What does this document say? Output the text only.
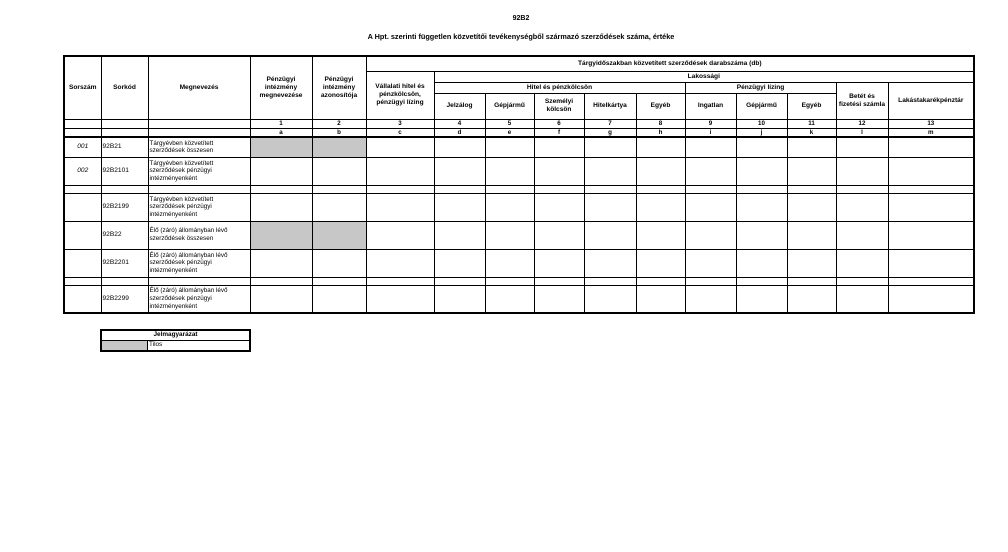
92B2
A Hpt. szerinti független közvetítői tevékenységből származó szerződések száma, értéke
Sorszám	Sorkód	Megnevezés	Pénzügyi intézmény megnevezése	Pénzügyi intézmény azonosítója	Tárgyidőszakban közvetített szerződések darabszáma (db)										
					Vállalati hitel és pénzkölcsön, pénzügyi lízing	Lakossági									
						Hitel és pénzkölcsön					Pénzügyi lízing			Betét és fizetési számla	Lakástakarékpénztár
						Jelzálog	Gépjármű	Személyi kölcsön	Hitelkártya	Egyéb	Ingatlan	Gépjármű	Egyéb		
			1	2	3	4	5	6	7	8	9	10	11	12	13
			a	b	c	d	e	f	g	h	i	j	k	l	m
001	92B21	Tárgyévben közvetített szerződések összesen													
002	92B2101	Tárgyévben közvetített szerződések pénzügyi intézményenként													

	92B2199	Tárgyévben közvetített szerződések pénzügyi intézményenként													
	92B22	Élő (záró) állományban lévő szerződések összesen													
	92B2201	Élő (záró) állományban lévő szerződések pénzügyi intézményenként													

	92B2299	Élő (záró) állományban lévő szerződések pénzügyi intézményenként													
Jelmagyarázat
	Tilos
